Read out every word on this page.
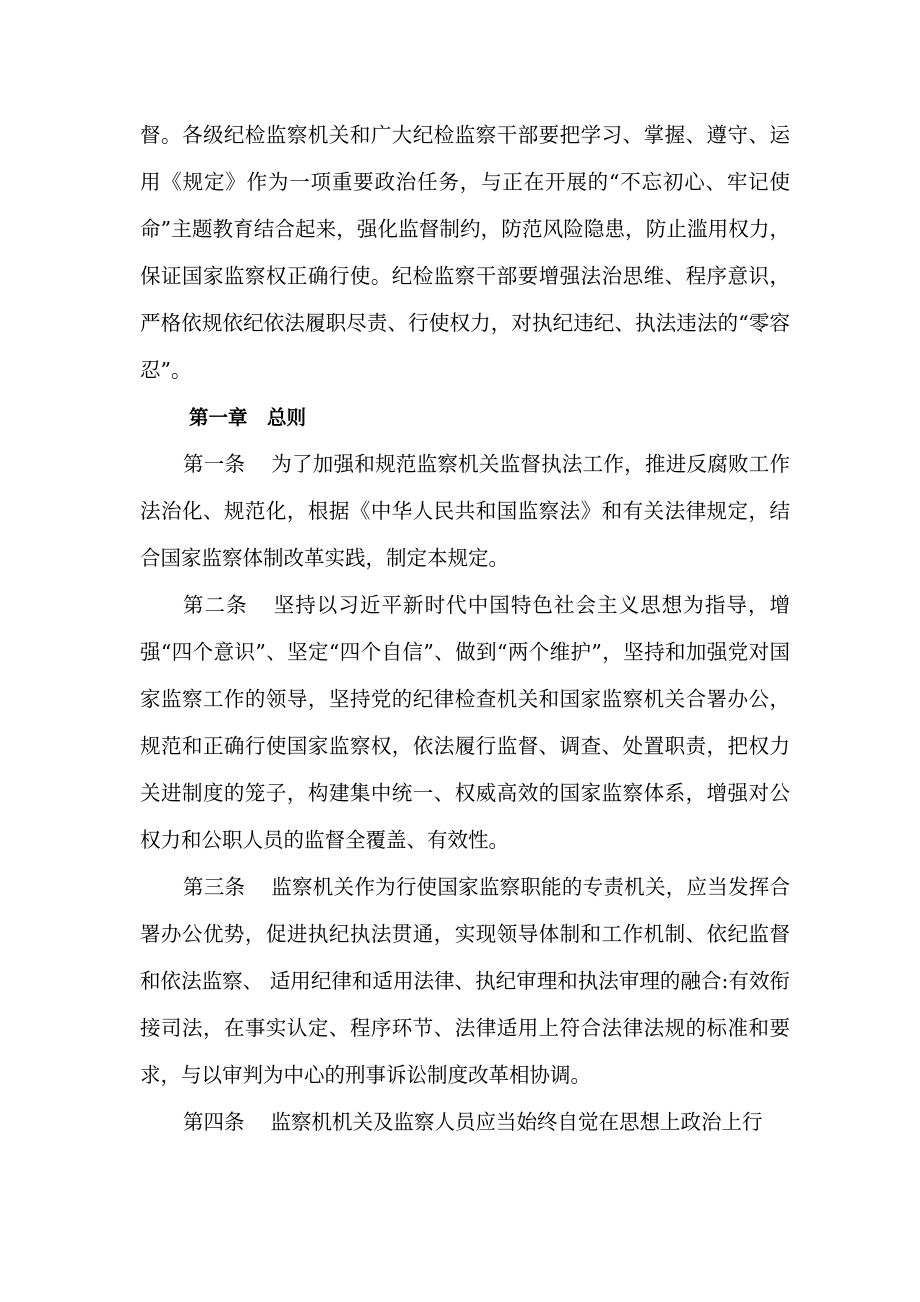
督。各级纪检监察机关和广大纪检监察干部要把学习、掌握、遵守、运用《规定》作为一项重要政治任务，与正在开展的“不忘初心、牢记使命”主题教育结合起来，强化监督制约，防范风险隐患，防止滥用权力，保证国家监察权正确行使。纪检监察干部要增强法治思维、程序意识，严格依规依纪依法履职尽责、行使权力，对执纪违纪、执法违法的“零容忍”。

第一章　总则

第一条 为了加强和规范监察机关监督执法工作，推进反腐败工作法治化、规范化，根据《中华人民共和国监察法》和有关法律规定，结合国家监察体制改革实践，制定本规定。

第二条 坚持以习近平新时代中国特色社会主义思想为指导，增强“四个意识”、坚定“四个自信”、做到“两个维护”，坚持和加强党对国家监察工作的领导，坚持党的纪律检查机关和国家监察机关合署办公，规范和正确行使国家监察权，依法履行监督、调查、处置职责，把权力关进制度的笼子，构建集中统一、权威高效的国家监察体系，增强对公权力和公职人员的监督全覆盖、有效性。

第三条 监察机关作为行使国家监察职能的专责机关，应当发挥合署办公优势，促进执纪执法贯通，实现领导体制和工作机制、依纪监督和依法监察、 适用纪律和适用法律、执纪审理和执法审理的融合:有效衔接司法，在事实认定、程序环节、法律适用上符合法律法规的标准和要求，与以审判为中心的刑事诉讼制度改革相协调。

第四条 监察机机关及监察人员应当始终自觉在思想上政治上行
